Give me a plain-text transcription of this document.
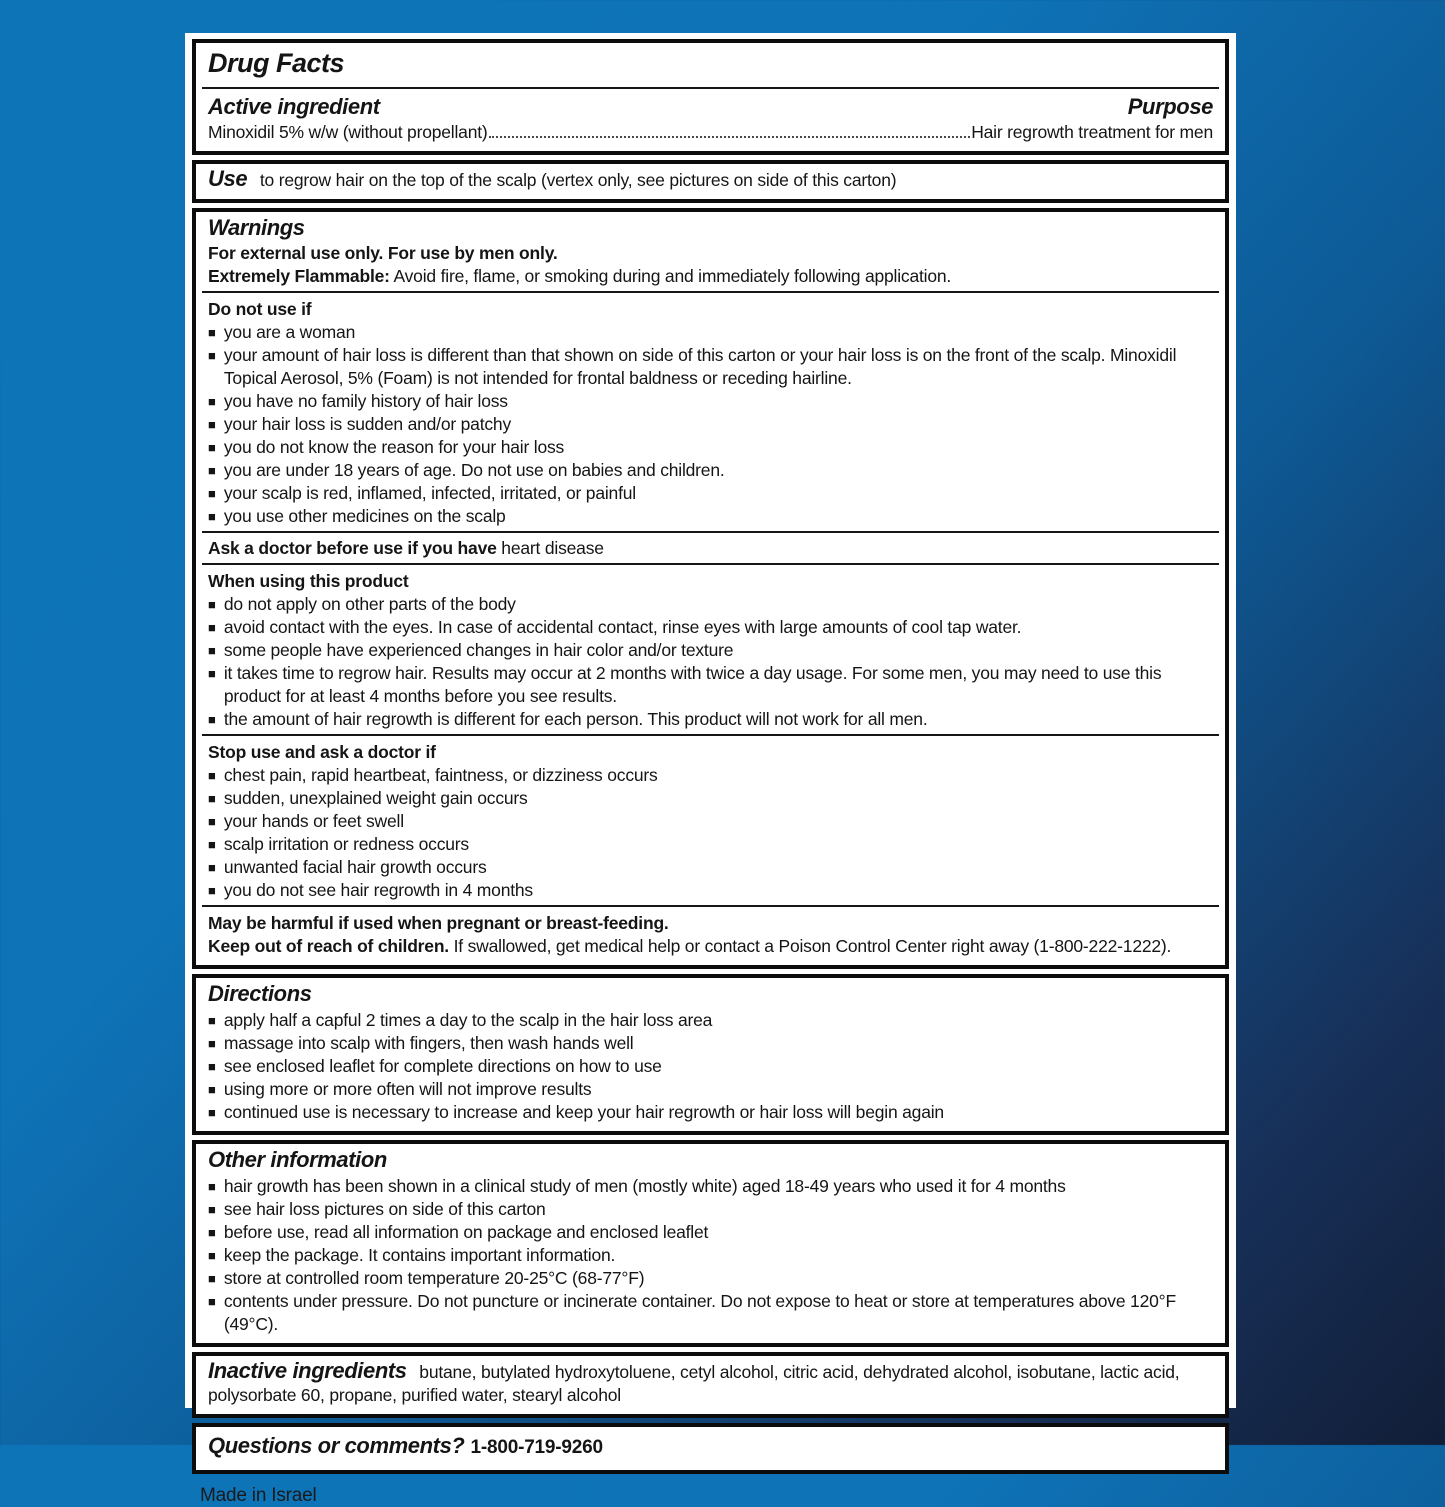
Drug Facts
Active ingredient	Purpose
Minoxidil 5% w/w (without propellant)	Hair regrowth treatment for men
Use to regrow hair on the top of the scalp (vertex only, see pictures on side of this carton)
Warnings
For external use only. For use by men only.
Extremely Flammable: Avoid fire, flame, or smoking during and immediately following application.
Do not use if
■ you are a woman
■ your amount of hair loss is different than that shown on side of this carton or your hair loss is on the front of the scalp. Minoxidil Topical Aerosol, 5% (Foam) is not intended for frontal baldness or receding hairline.
■ you have no family history of hair loss
■ your hair loss is sudden and/or patchy
■ you do not know the reason for your hair loss
■ you are under 18 years of age. Do not use on babies and children.
■ your scalp is red, inflamed, infected, irritated, or painful
■ you use other medicines on the scalp
Ask a doctor before use if you have heart disease
When using this product
■ do not apply on other parts of the body
■ avoid contact with the eyes. In case of accidental contact, rinse eyes with large amounts of cool tap water.
■ some people have experienced changes in hair color and/or texture
■ it takes time to regrow hair. Results may occur at 2 months with twice a day usage. For some men, you may need to use this product for at least 4 months before you see results.
■ the amount of hair regrowth is different for each person. This product will not work for all men.
Stop use and ask a doctor if
■ chest pain, rapid heartbeat, faintness, or dizziness occurs
■ sudden, unexplained weight gain occurs
■ your hands or feet swell
■ scalp irritation or redness occurs
■ unwanted facial hair growth occurs
■ you do not see hair regrowth in 4 months
May be harmful if used when pregnant or breast-feeding.
Keep out of reach of children. If swallowed, get medical help or contact a Poison Control Center right away (1-800-222-1222).
Directions
■ apply half a capful 2 times a day to the scalp in the hair loss area
■ massage into scalp with fingers, then wash hands well
■ see enclosed leaflet for complete directions on how to use
■ using more or more often will not improve results
■ continued use is necessary to increase and keep your hair regrowth or hair loss will begin again
Other information
■ hair growth has been shown in a clinical study of men (mostly white) aged 18-49 years who used it for 4 months
■ see hair loss pictures on side of this carton
■ before use, read all information on package and enclosed leaflet
■ keep the package. It contains important information.
■ store at controlled room temperature 20-25°C (68-77°F)
■ contents under pressure. Do not puncture or incinerate container. Do not expose to heat or store at temperatures above 120°F (49°C).
Inactive ingredients butane, butylated hydroxytoluene, cetyl alcohol, citric acid, dehydrated alcohol, isobutane, lactic acid, polysorbate 60, propane, purified water, stearyl alcohol
Questions or comments? 1-800-719-9260
Made in Israel
